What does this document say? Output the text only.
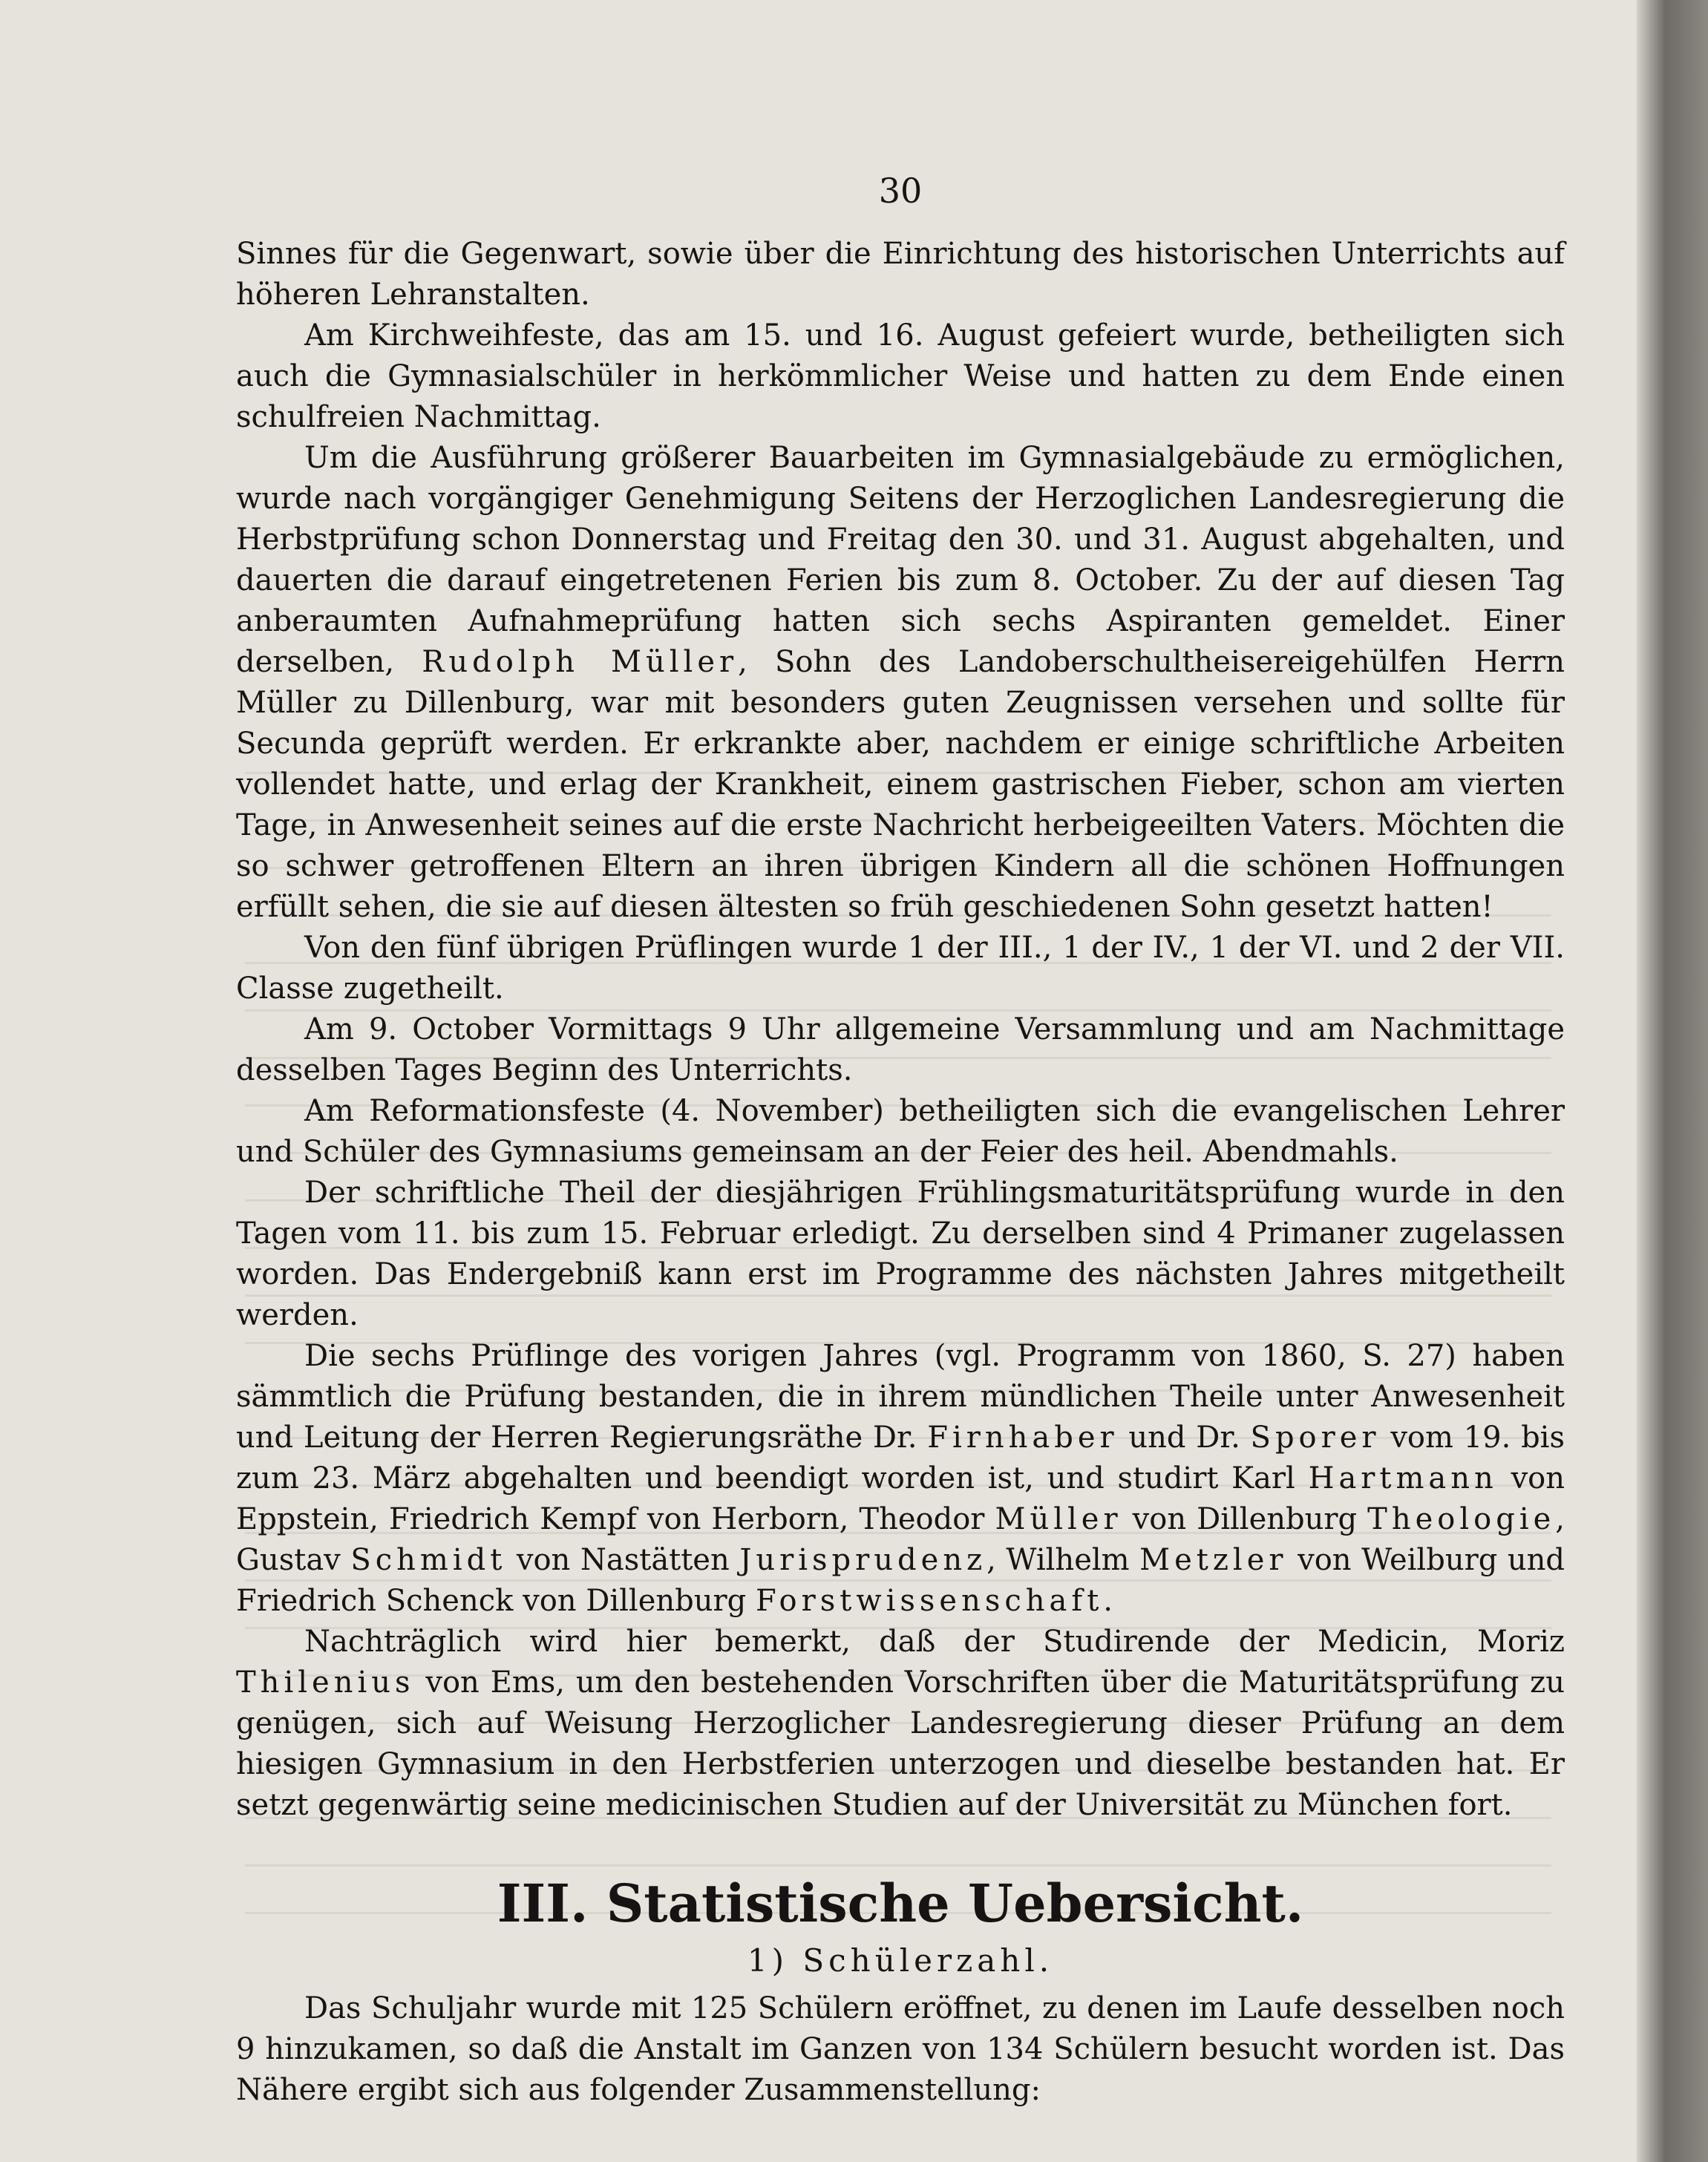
30

Sinnes für die Gegenwart, sowie über die Einrichtung des historischen Unterrichts auf höheren Lehranstalten.

Am Kirchweihfeste, das am 15. und 16. August gefeiert wurde, betheiligten sich auch die Gymnasialschüler in herkömmlicher Weise und hatten zu dem Ende einen schulfreien Nachmittag.

Um die Ausführung größerer Bauarbeiten im Gymnasialgebäude zu ermöglichen, wurde nach vorgängiger Genehmigung Seitens der Herzoglichen Landesregierung die Herbstprüfung schon Donnerstag und Freitag den 30. und 31. August abgehalten, und dauerten die darauf eingetretenen Ferien bis zum 8. October. Zu der auf diesen Tag anberaumten Aufnahmeprüfung hatten sich sechs Aspiranten gemeldet. Einer derselben, Rudolph Müller, Sohn des Landoberschultheisereigehülfen Herrn Müller zu Dillenburg, war mit besonders guten Zeugnissen versehen und sollte für Secunda geprüft werden. Er erkrankte aber, nachdem er einige schriftliche Arbeiten vollendet hatte, und erlag der Krankheit, einem gastrischen Fieber, schon am vierten Tage, in Anwesenheit seines auf die erste Nachricht herbeigeeilten Vaters. Möchten die so schwer getroffenen Eltern an ihren übrigen Kindern all die schönen Hoffnungen erfüllt sehen, die sie auf diesen ältesten so früh geschiedenen Sohn gesetzt hatten!

Von den fünf übrigen Prüflingen wurde 1 der III., 1 der IV., 1 der VI. und 2 der VII. Classe zugetheilt.

Am 9. October Vormittags 9 Uhr allgemeine Versammlung und am Nachmittage desselben Tages Beginn des Unterrichts.

Am Reformationsfeste (4. November) betheiligten sich die evangelischen Lehrer und Schüler des Gymnasiums gemeinsam an der Feier des heil. Abendmahls.

Der schriftliche Theil der diesjährigen Frühlingsmaturitätsprüfung wurde in den Tagen vom 11. bis zum 15. Februar erledigt. Zu derselben sind 4 Primaner zugelassen worden. Das Endergebniß kann erst im Programme des nächsten Jahres mitgetheilt werden.

Die sechs Prüflinge des vorigen Jahres (vgl. Programm von 1860, S. 27) haben sämmtlich die Prüfung bestanden, die in ihrem mündlichen Theile unter Anwesenheit und Leitung der Herren Regierungsräthe Dr. Firnhaber und Dr. Sporer vom 19. bis zum 23. März abgehalten und beendigt worden ist, und studirt Karl Hartmann von Eppstein, Friedrich Kempf von Herborn, Theodor Müller von Dillenburg Theologie, Gustav Schmidt von Nastätten Jurisprudenz, Wilhelm Metzler von Weilburg und Friedrich Schenck von Dillenburg Forstwissenschaft.

Nachträglich wird hier bemerkt, daß der Studirende der Medicin, Moriz Thilenius von Ems, um den bestehenden Vorschriften über die Maturitätsprüfung zu genügen, sich auf Weisung Herzoglicher Landesregierung dieser Prüfung an dem hiesigen Gymnasium in den Herbstferien unterzogen und dieselbe bestanden hat. Er setzt gegenwärtig seine medicinischen Studien auf der Universität zu München fort.

III. Statistische Uebersicht.
1) Schülerzahl.

Das Schuljahr wurde mit 125 Schülern eröffnet, zu denen im Laufe desselben noch 9 hinzukamen, so daß die Anstalt im Ganzen von 134 Schülern besucht worden ist. Das Nähere ergibt sich aus folgender Zusammenstellung:
